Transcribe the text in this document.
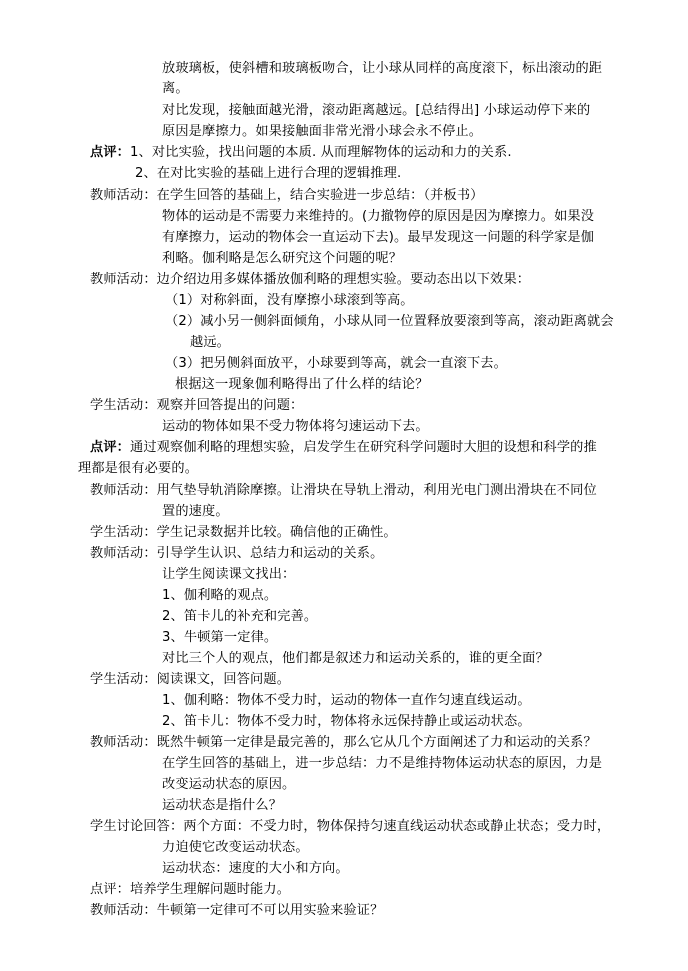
放玻璃板，使斜槽和玻璃板吻合，让小球从同样的高度滚下，标出滚动的距
离。
对比发现，接触面越光滑，滚动距离越远。[总结得出] 小球运动停下来的
原因是摩擦力。如果接触面非常光滑小球会永不停止。
点评：1、对比实验，找出问题的本质. 从而理解物体的运动和力的关系.
2、在对比实验的基础上进行合理的逻辑推理.
教师活动：在学生回答的基础上，结合实验进一步总结：（并板书）
物体的运动是不需要力来维持的。(力撤物停的原因是因为摩擦力。如果没
有摩擦力，运动的物体会一直运动下去)。最早发现这一问题的科学家是伽
利略。伽利略是怎么研究这个问题的呢？
教师活动：边介绍边用多媒体播放伽利略的理想实验。要动态出以下效果：
（1）对称斜面，没有摩擦小球滚到等高。
（2）减小另一侧斜面倾角，小球从同一位置释放要滚到等高，滚动距离就会
越远。
（3）把另侧斜面放平，小球要到等高，就会一直滚下去。
根据这一现象伽利略得出了什么样的结论？
学生活动：观察并回答提出的问题：
运动的物体如果不受力物体将匀速运动下去。
点评：通过观察伽利略的理想实验，启发学生在研究科学问题时大胆的设想和科学的推
理都是很有必要的。
教师活动：用气垫导轨消除摩擦。让滑块在导轨上滑动，利用光电门测出滑块在不同位
置的速度。
学生活动：学生记录数据并比较。确信他的正确性。
教师活动：引导学生认识、总结力和运动的关系。
让学生阅读课文找出：
1、伽利略的观点。
2、笛卡儿的补充和完善。
3、牛顿第一定律。
对比三个人的观点，他们都是叙述力和运动关系的，谁的更全面？
学生活动：阅读课文，回答问题。
1、伽利略：物体不受力时，运动的物体一直作匀速直线运动。
2、笛卡儿：物体不受力时，物体将永远保持静止或运动状态。
教师活动：既然牛顿第一定律是最完善的，那么它从几个方面阐述了力和运动的关系？
在学生回答的基础上，进一步总结：力不是维持物体运动状态的原因，力是
改变运动状态的原因。
运动状态是指什么？
学生讨论回答：两个方面：不受力时，物体保持匀速直线运动状态或静止状态；受力时，
力迫使它改变运动状态。
运动状态：速度的大小和方向。
点评：培养学生理解问题时能力。
教师活动：牛顿第一定律可不可以用实验来验证？
